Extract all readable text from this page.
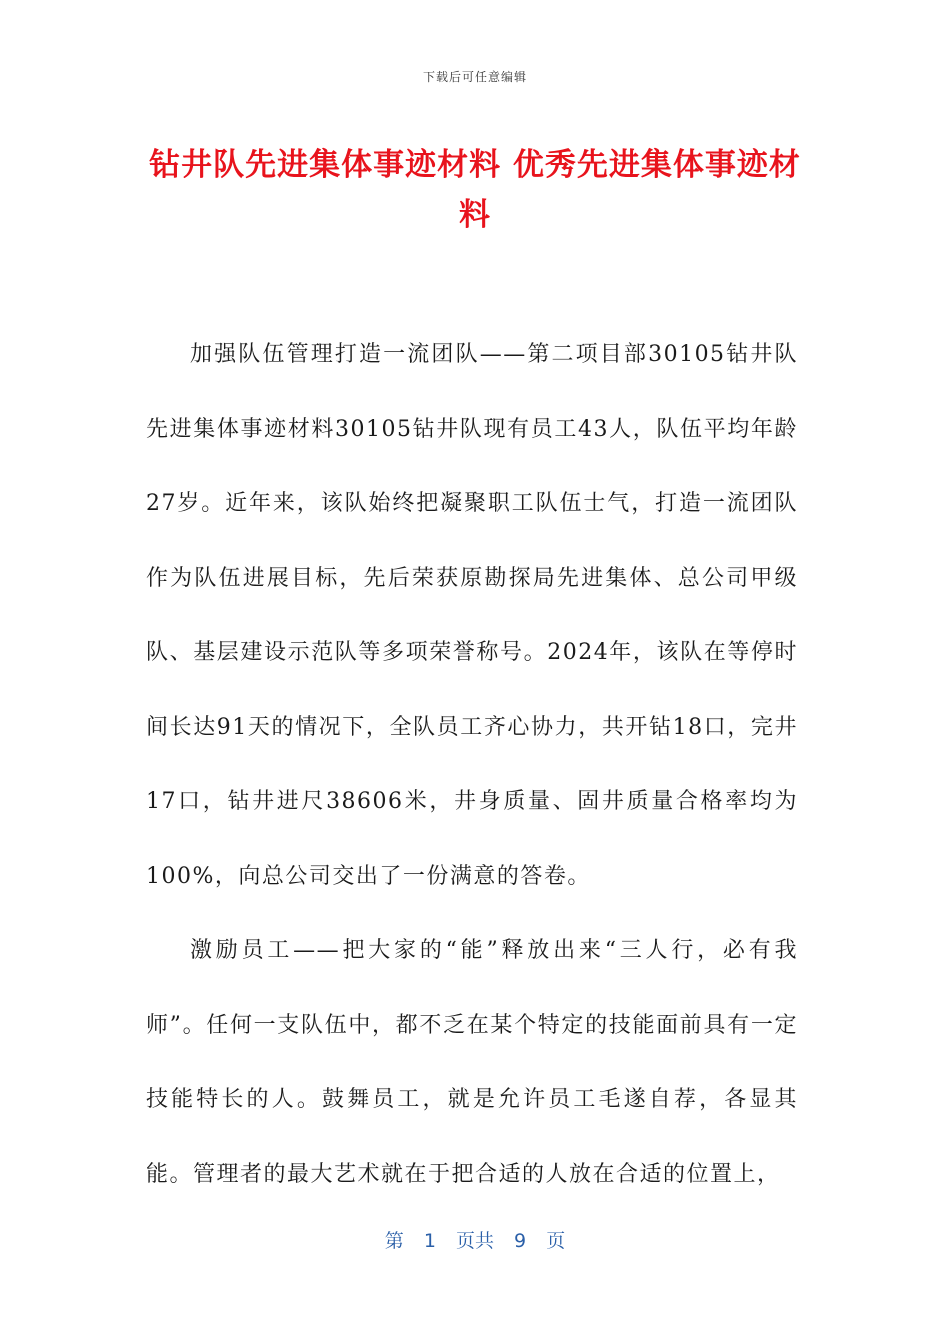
下载后可任意编辑
钻井队先进集体事迹材料 优秀先进集体事迹材料

加强队伍管理打造一流团队——第二项目部30105钻井队先进集体事迹材料30105钻井队现有员工43人，队伍平均年龄27岁。近年来，该队始终把凝聚职工队伍士气，打造一流团队作为队伍进展目标，先后荣获原勘探局先进集体、总公司甲级队、基层建设示范队等多项荣誉称号。2024年，该队在等停时间长达91天的情况下，全队员工齐心协力，共开钻18口，完井17口，钻井进尺38606米，井身质量、固井质量合格率均为100%，向总公司交出了一份满意的答卷。

激励员工——把大家的“能”释放出来“三人行，必有我师”。任何一支队伍中，都不乏在某个特定的技能面前具有一定技能特长的人。鼓舞员工，就是允许员工毛遂自荐，各显其能。管理者的最大艺术就在于把合适的人放在合适的位置上，

第 1 页共 9 页
